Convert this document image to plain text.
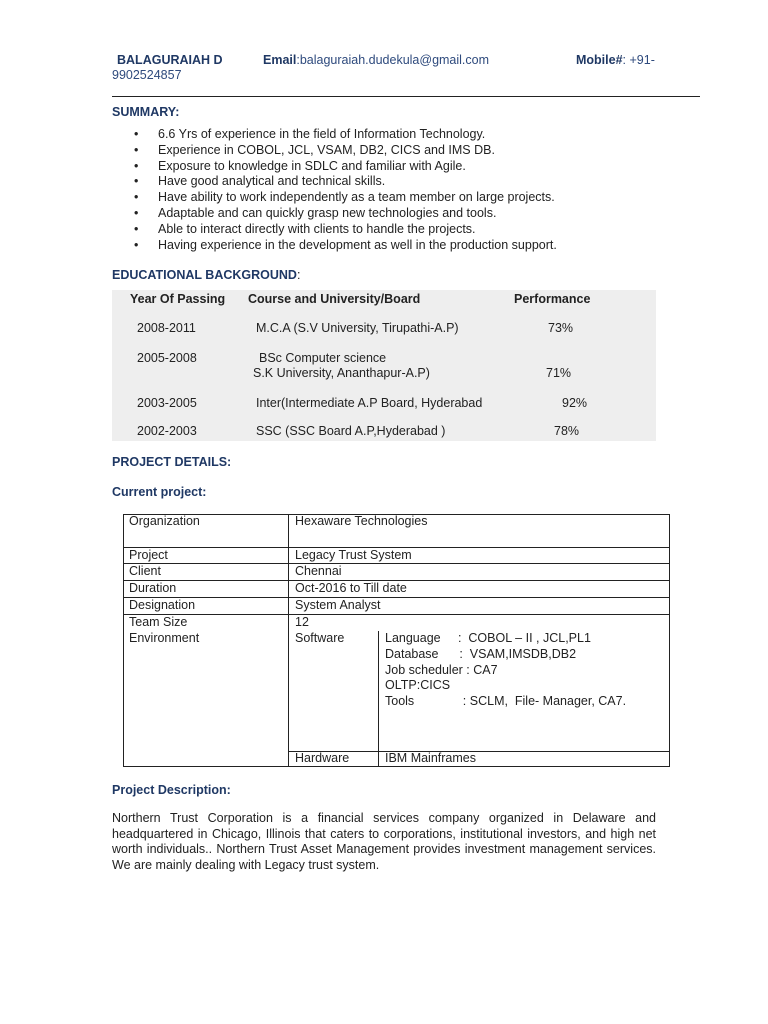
BALAGURAIAH D	Email:balaguraiah.dudekula@gmail.com	Mobile#: +91-
9902524857
SUMMARY:
• 6.6 Yrs of experience in the field of Information Technology.
• Experience in COBOL, JCL, VSAM, DB2, CICS and IMS DB.
• Exposure to knowledge in SDLC and familiar with Agile.
• Have good analytical and technical skills.
• Have ability to work independently as a team member on large projects.
• Adaptable and can quickly grasp new technologies and tools.
• Able to interact directly with clients to handle the projects.
• Having experience in the development as well in the production support.
EDUCATIONAL BACKGROUND:
Year Of Passing Course and University/Board	Performance
2008-2011	M.C.A (S.V University, Tirupathi-A.P)	73%
2005-2008	BSc Computer science
S.K University, Ananthapur-A.P)	71%
2003-2005	Inter(Intermediate A.P Board, Hyderabad	92%
2002-2003	SSC (SSC Board A.P,Hyderabad )	78%
PROJECT DETAILS:
Current project:
Organization	Hexaware Technologies
Project	Legacy Trust System
Client	Chennai
Duration	Oct-2016 to Till date
Designation	System Analyst
Team Size	12
Environment	Software	Language     :  COBOL – II , JCL,PL1
Database      :  VSAM,IMSDB,DB2
Job scheduler : CA7
OLTP:CICS
Tools              : SCLM,  File- Manager, CA7.
Hardware	IBM Mainframes
Project Description:
Northern Trust Corporation is a financial services company organized in Delaware and headquartered in Chicago, Illinois that caters to corporations, institutional investors, and high net worth individuals.. Northern Trust Asset Management provides investment management services. We are mainly dealing with Legacy trust system.
